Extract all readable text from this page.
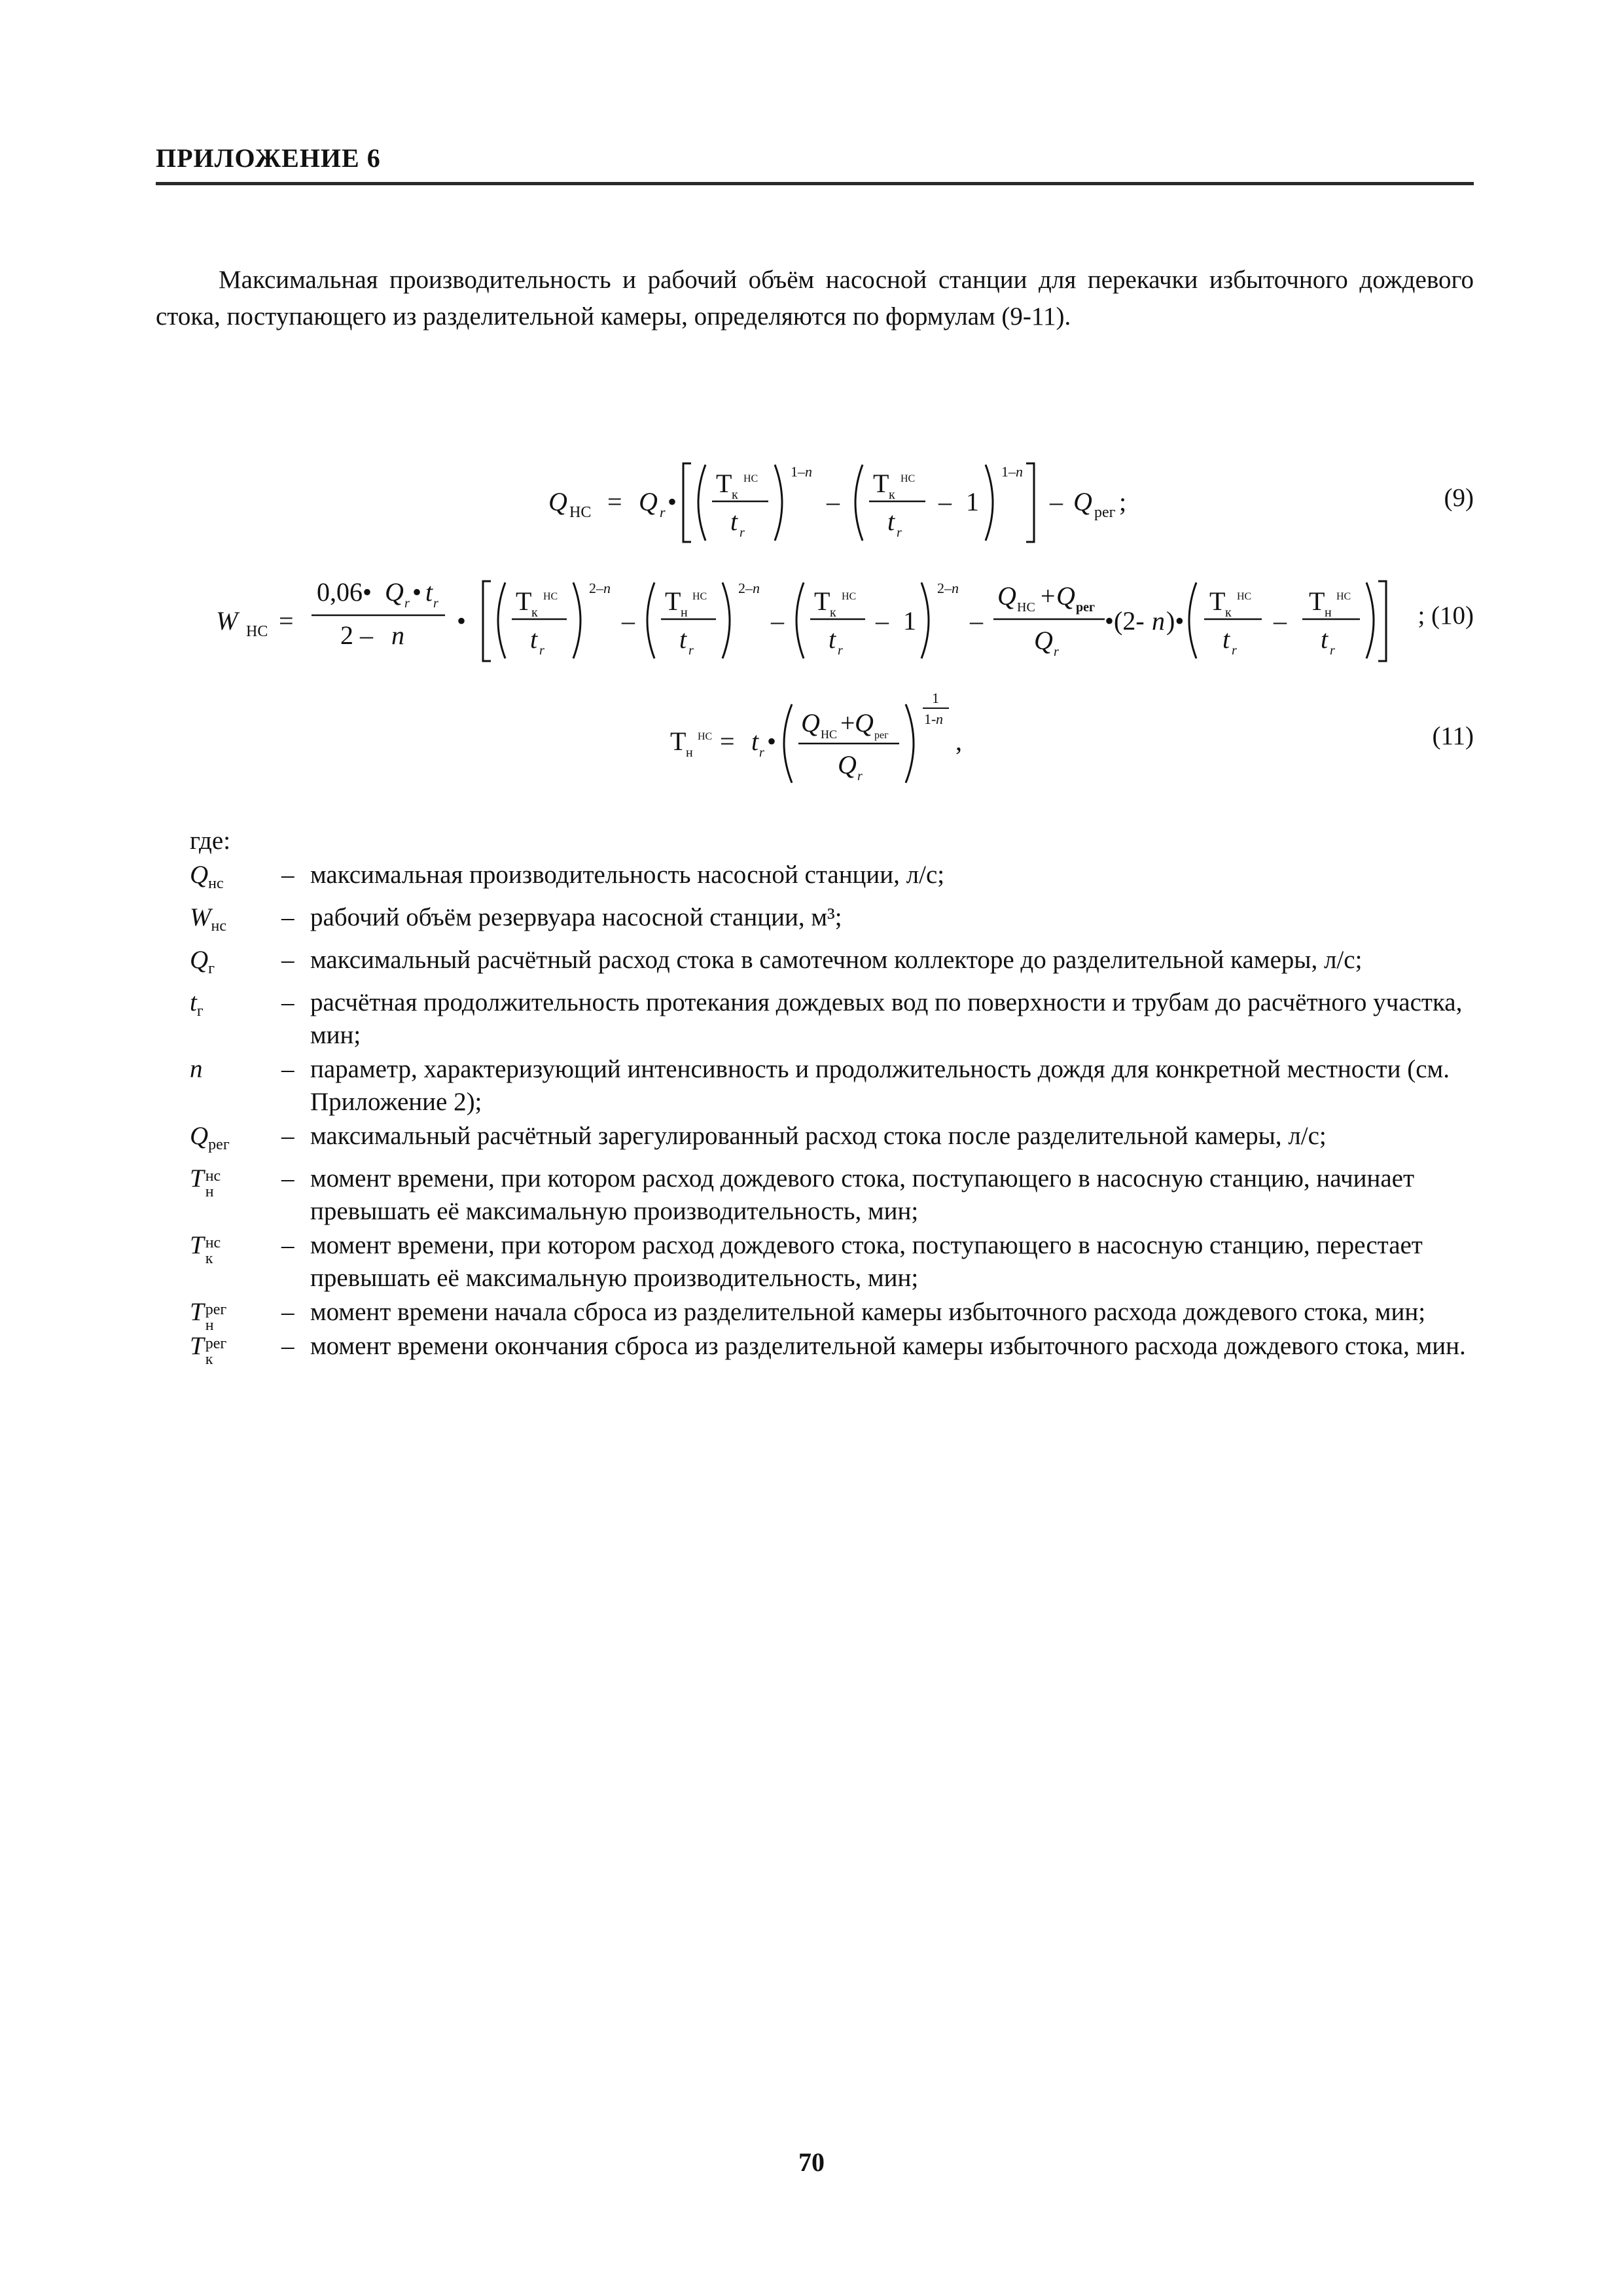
ПРИЛОЖЕНИЕ 6
Максимальная производительность и рабочий объём насосной станции для перекачки избыточного дождевого стока, поступающего из разделительной камеры, определяются по формулам (9-11).
Q НС = Q r •
Т к
НС
t r
1– n
–
Т к
НС
t r
– 1
1– n
– Q рег ;	(9)
W НС =
0,06• Q r • t r
2 – n •
Т к
НС
t r
2– n
–
Т н
НС
t r
2– n
–
Т к
НС
t r
– 1
2– n
–
Q НС + Q рег
Q r
•(2- n )•
Т к
НС
t r
–
Т н
НС
t r
; (10)
Т н
НС = t r •
Q НС + Q рег
Q r
1
1- n
,	(11)
где:
$Q_{нс}$	– максимальная производительность насосной станции, л/с;
$W_{нс}$	– рабочий объём резервуара насосной станции, м³;
$Q_г$	– максимальный расчётный расход стока в самотечном коллекторе до разделительной камеры, л/с;
$t_г$	– расчётная продолжительность протекания дождевых вод по поверхности и трубам до расчётного участка, мин;
n	– параметр, характеризующий интенсивность и продолжительность дождя для конкретной местности (см. Приложение 2);
$Q_{рег}$	– максимальный расчётный зарегулированный расход стока после разделительной камеры, л/с;
T нс
н	– момент времени, при котором расход дождевого стока, поступающего в насосную станцию, начинает превышать её максимальную производительность, мин;
T нс
к	– момент времени, при котором расход дождевого стока, поступающего в насосную станцию, перестает превышать её максимальную производительность, мин;
T рег
н	– момент времени начала сброса из разделительной камеры избыточного расхода дождевого стока, мин;
T рег
к	– момент времени окончания сброса из разделительной камеры избыточного расхода дождевого стока, мин.
70
